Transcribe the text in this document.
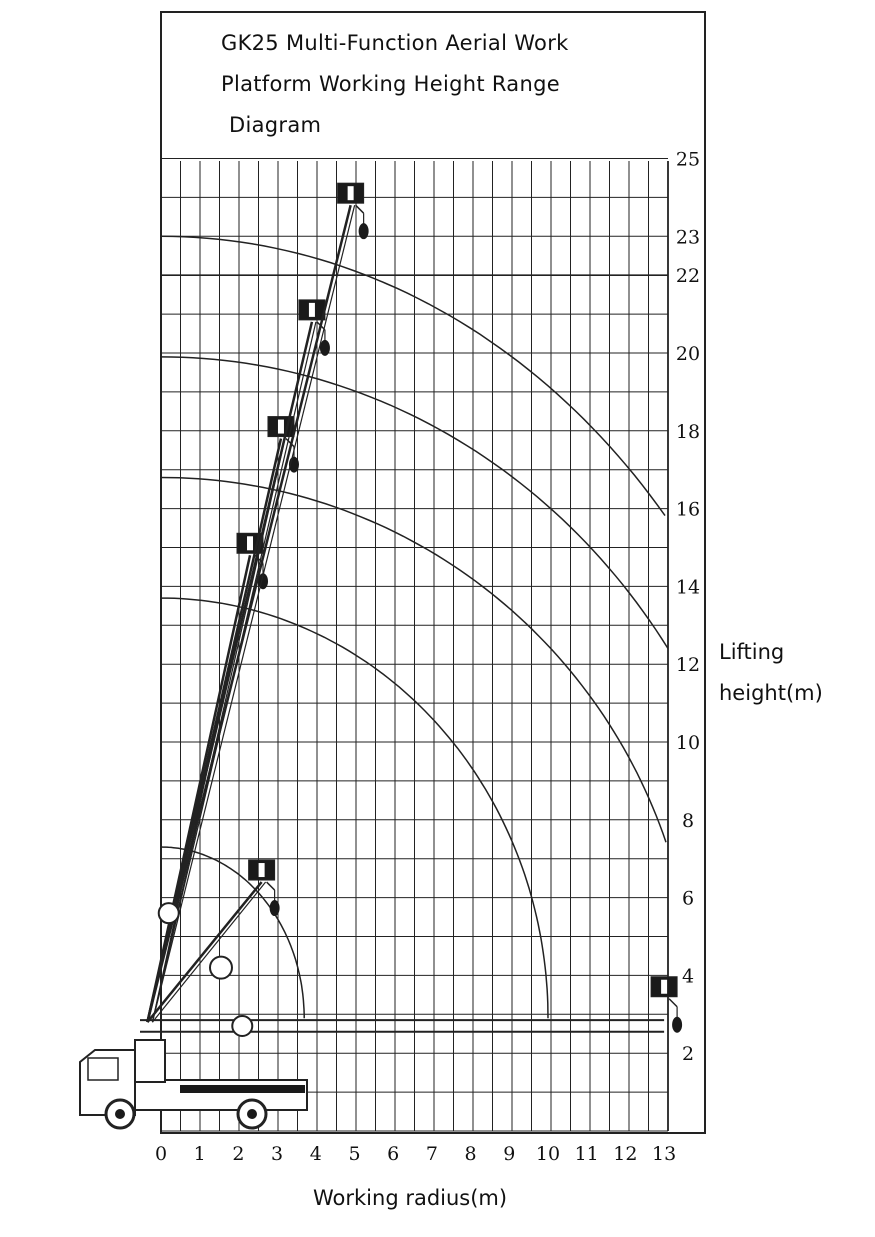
GK25 Multi-Function Aerial Work
Platform Working Height Range
Diagram
Lifting
height(m)
Working radius(m)
0 1 2 3 4 5 6 7 8 9 10 11 12 13
2
4
6
8
10
12
14
16
18
20
22
23
25
